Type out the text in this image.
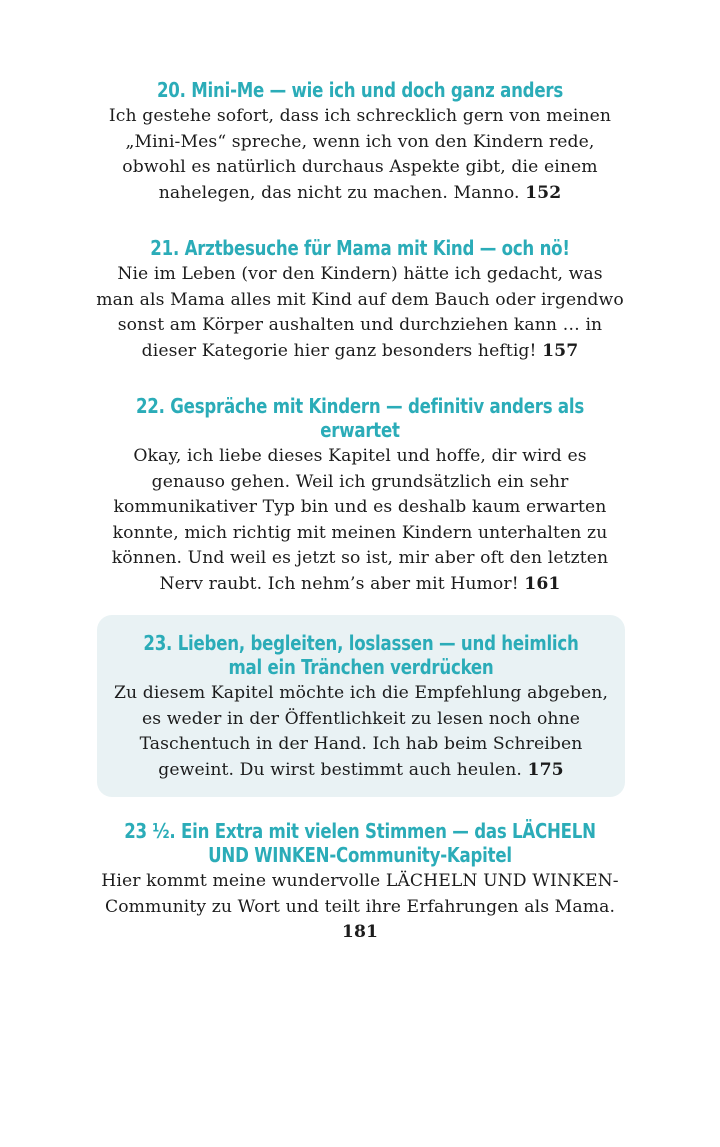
20. Mini-Me — wie ich und doch ganz anders

Ich gestehe sofort, dass ich schrecklich gern von meinen „Mini-Mes“ spreche, wenn ich von den Kindern rede, obwohl es natürlich durchaus Aspekte gibt, die einem nahelegen, das nicht zu machen. Manno. 152

21. Arztbesuche für Mama mit Kind — och nö!

Nie im Leben (vor den Kindern) hätte ich gedacht, was man als Mama alles mit Kind auf dem Bauch oder irgendwo sonst am Körper aushalten und durchziehen kann … in dieser Kategorie hier ganz besonders heftig! 157

22. Gespräche mit Kindern — definitiv anders als erwartet

Okay, ich liebe dieses Kapitel und hoffe, dir wird es genauso gehen. Weil ich grundsätzlich ein sehr kommunikativer Typ bin und es deshalb kaum erwarten konnte, mich richtig mit meinen Kindern unterhalten zu können. Und weil es jetzt so ist, mir aber oft den letzten Nerv raubt. Ich nehm’s aber mit Humor! 161

23. Lieben, begleiten, loslassen — und heimlich mal ein Tränchen verdrücken

Zu diesem Kapitel möchte ich die Empfehlung abgeben, es weder in der Öffentlichkeit zu lesen noch ohne Taschentuch in der Hand. Ich hab beim Schreiben geweint. Du wirst bestimmt auch heulen. 175

23 ½. Ein Extra mit vielen Stimmen — das LÄCHELN UND WINKEN-Community-Kapitel

Hier kommt meine wundervolle LÄCHELN UND WINKEN-Community zu Wort und teilt ihre Erfahrungen als Mama. 181
